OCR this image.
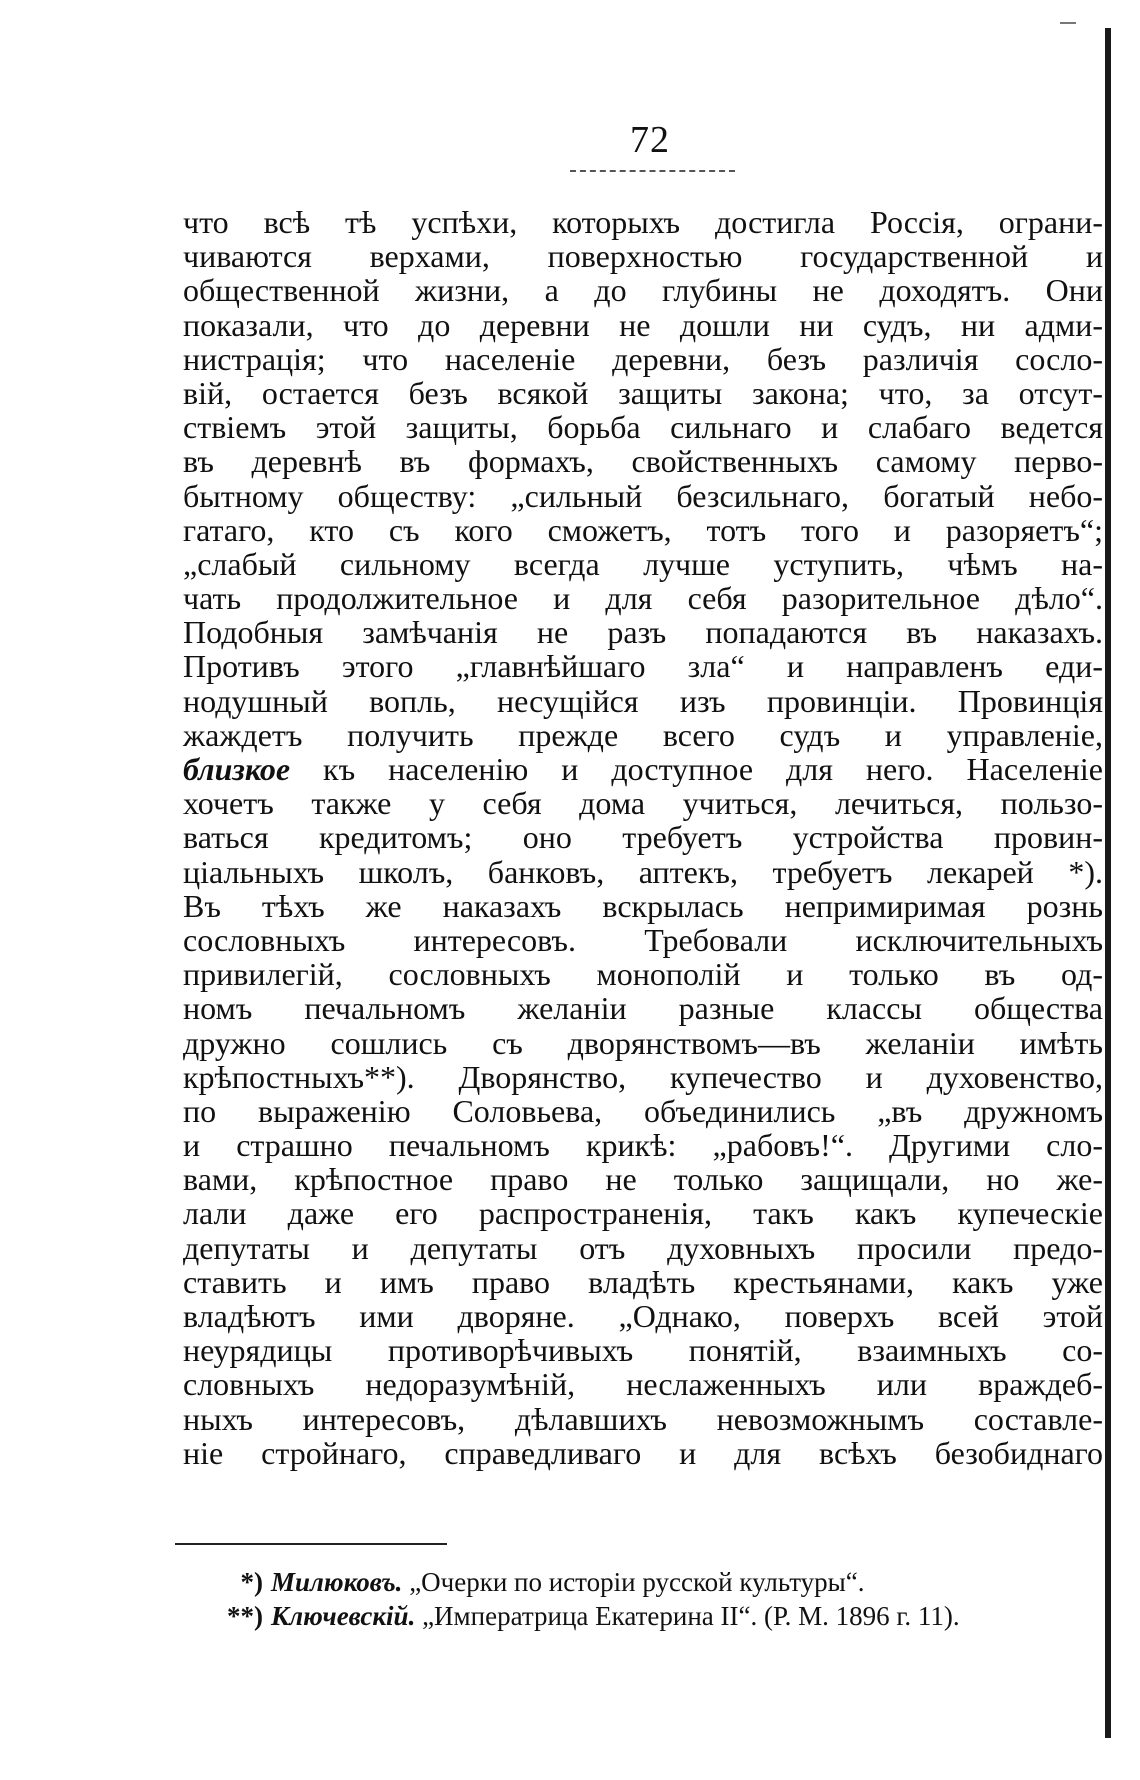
72
что всѣ тѣ успѣхи, которыхъ достигла Россія, ограни-
чиваются верхами, поверхностью государственной и
общественной жизни, а до глубины не доходятъ. Они
показали, что до деревни не дошли ни судъ, ни адми-
нистрація; что населеніе деревни, безъ различія сосло-
вій, остается безъ всякой защиты закона; что, за отсут-
ствіемъ этой защиты, борьба сильнаго и слабаго ведется
въ деревнѣ въ формахъ, свойственныхъ самому перво-
бытному обществу: „сильный безсильнаго, богатый небо-
гатаго, кто съ кого сможетъ, тотъ того и разоряетъ“;
„слабый сильному всегда лучше уступить, чѣмъ на-
чать продолжительное и для себя разорительное дѣло“.
Подобныя замѣчанія не разъ попадаются въ наказахъ.
Противъ этого „главнѣйшаго зла“ и направленъ еди-
нодушный вопль, несущійся изъ провинціи. Провинція
жаждетъ получить прежде всего судъ и управленіе,
близкое къ населенію и доступное для него. Населеніе
хочетъ также у себя дома учиться, лечиться, пользо-
ваться кредитомъ; оно требуетъ устройства провин-
ціальныхъ школъ, банковъ, аптекъ, требуетъ лекарей *).
Въ тѣхъ же наказахъ вскрылась непримиримая рознь
сословныхъ интересовъ. Требовали исключительныхъ
привилегій, сословныхъ монополій и только въ од-
номъ печальномъ желаніи разные классы общества
дружно сошлись съ дворянствомъ—въ желаніи имѣть
крѣпостныхъ**). Дворянство, купечество и духовенство,
по выраженію Соловьева, объединились „въ дружномъ
и страшно печальномъ крикѣ: „рабовъ!“. Другими сло-
вами, крѣпостное право не только защищали, но же-
лали даже его распространенія, такъ какъ купеческіе
депутаты и депутаты отъ духовныхъ просили предо-
ставить и имъ право владѣть крестьянами, какъ уже
владѣютъ ими дворяне. „Однако, поверхъ всей этой
неурядицы противорѣчивыхъ понятій, взаимныхъ со-
словныхъ недоразумѣній, неслаженныхъ или враждеб-
ныхъ интересовъ, дѣлавшихъ невозможнымъ составле-
ніе стройнаго, справедливаго и для всѣхъ безобиднаго
*) Милюковъ. „Очерки по исторіи русской культуры“.
**) Ключевскій. „Императрица Екатерина II“. (Р. М. 1896 г. 11).
